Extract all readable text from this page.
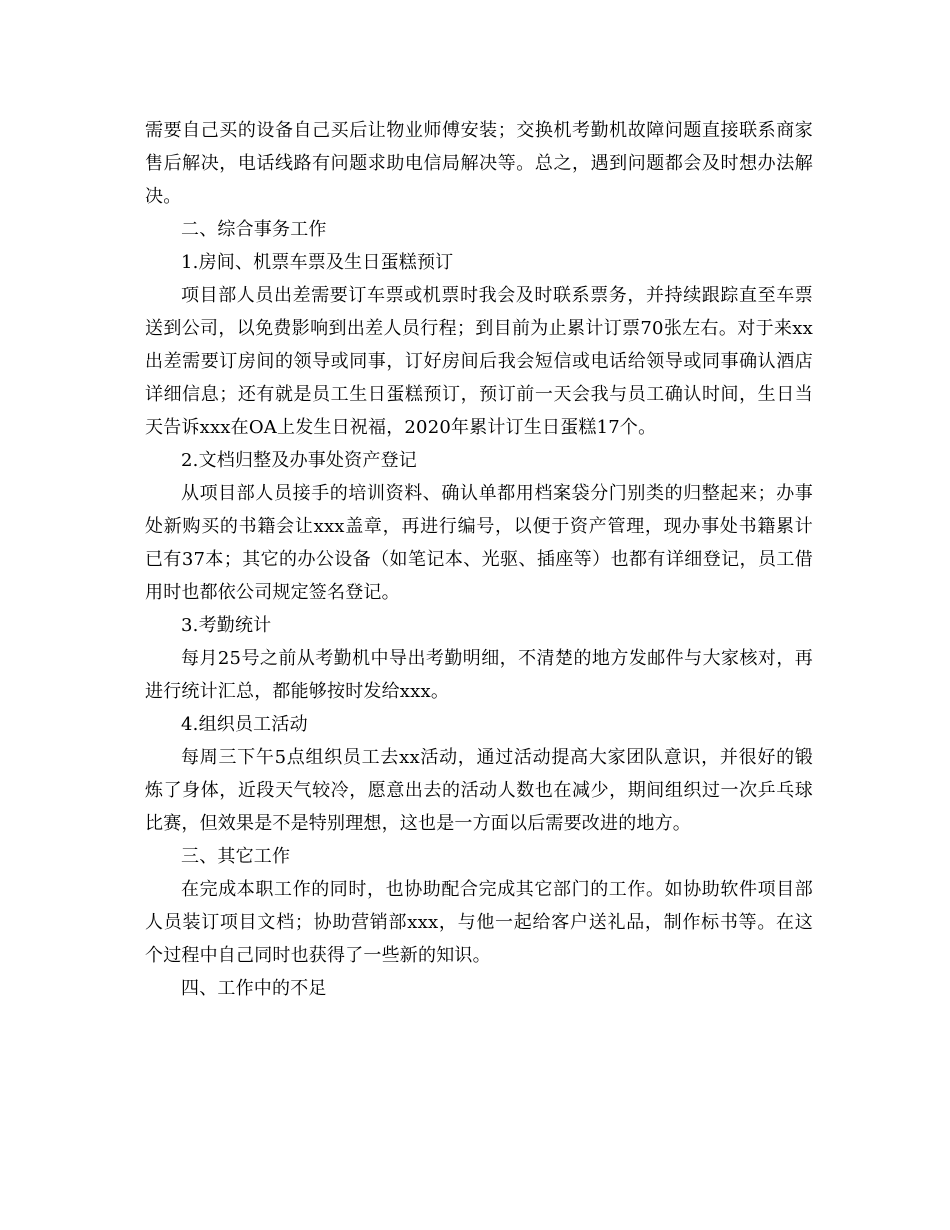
需要自己买的设备自己买后让物业师傅安装；交换机考勤机故障问题直接联系商家售后解决，电话线路有问题求助电信局解决等。总之，遇到问题都会及时想办法解决。

二、综合事务工作

1.房间、机票车票及生日蛋糕预订

项目部人员出差需要订车票或机票时我会及时联系票务，并持续跟踪直至车票送到公司，以免费影响到出差人员行程；到目前为止累计订票70张左右。对于来xx出差需要订房间的领导或同事，订好房间后我会短信或电话给领导或同事确认酒店详细信息；还有就是员工生日蛋糕预订，预订前一天会我与员工确认时间，生日当天告诉xxx在OA上发生日祝福，2020年累计订生日蛋糕17个。

2.文档归整及办事处资产登记

从项目部人员接手的培训资料、确认单都用档案袋分门别类的归整起来；办事处新购买的书籍会让xxx盖章，再进行编号，以便于资产管理，现办事处书籍累计已有37本；其它的办公设备（如笔记本、光驱、插座等）也都有详细登记，员工借用时也都依公司规定签名登记。

3.考勤统计

每月25号之前从考勤机中导出考勤明细，不清楚的地方发邮件与大家核对，再进行统计汇总，都能够按时发给xxx。

4.组织员工活动

每周三下午5点组织员工去xx活动，通过活动提高大家团队意识，并很好的锻炼了身体，近段天气较冷，愿意出去的活动人数也在减少，期间组织过一次乒乓球比赛，但效果是不是特别理想，这也是一方面以后需要改进的地方。

三、其它工作

在完成本职工作的同时，也协助配合完成其它部门的工作。如协助软件项目部人员装订项目文档；协助营销部xxx，与他一起给客户送礼品，制作标书等。在这个过程中自己同时也获得了一些新的知识。

四、工作中的不足
